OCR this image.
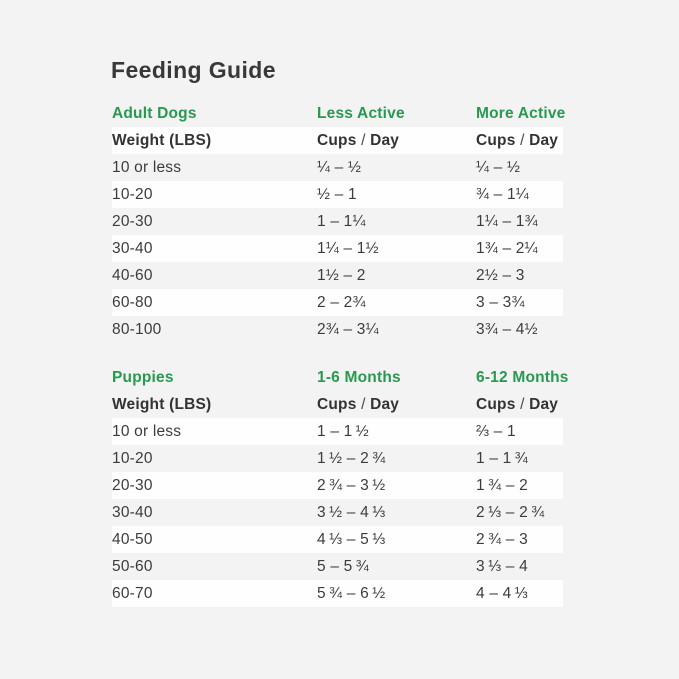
Feeding Guide
Adult Dogs	Less Active	More Active
Weight (LBS)	Cups / Day	Cups / Day
10 or less	¼ – ½	¼ – ½
10-20	½ – 1	¾ – 1¼
20-30	1 – 1¼	1¼ – 1¾
30-40	1¼ – 1½	1¾ – 2¼
40-60	1½ – 2	2½ – 3
60-80	2 – 2¾	3 – 3¾
80-100	2¾ – 3¼	3¾ – 4½
Puppies	1-6 Months	6-12 Months
Weight (LBS)	Cups / Day	Cups / Day
10 or less	1 – 1 ½	⅔ – 1
10-20	1 ½ – 2 ¾	1 – 1 ¾
20-30	2 ¾ – 3 ½	1 ¾ – 2
30-40	3 ½ – 4 ⅓	2 ⅓ – 2 ¾
40-50	4 ⅓ – 5 ⅓	2 ¾ – 3
50-60	5 – 5 ¾	3 ⅓ – 4
60-70	5 ¾ – 6 ½	4 – 4 ⅓
